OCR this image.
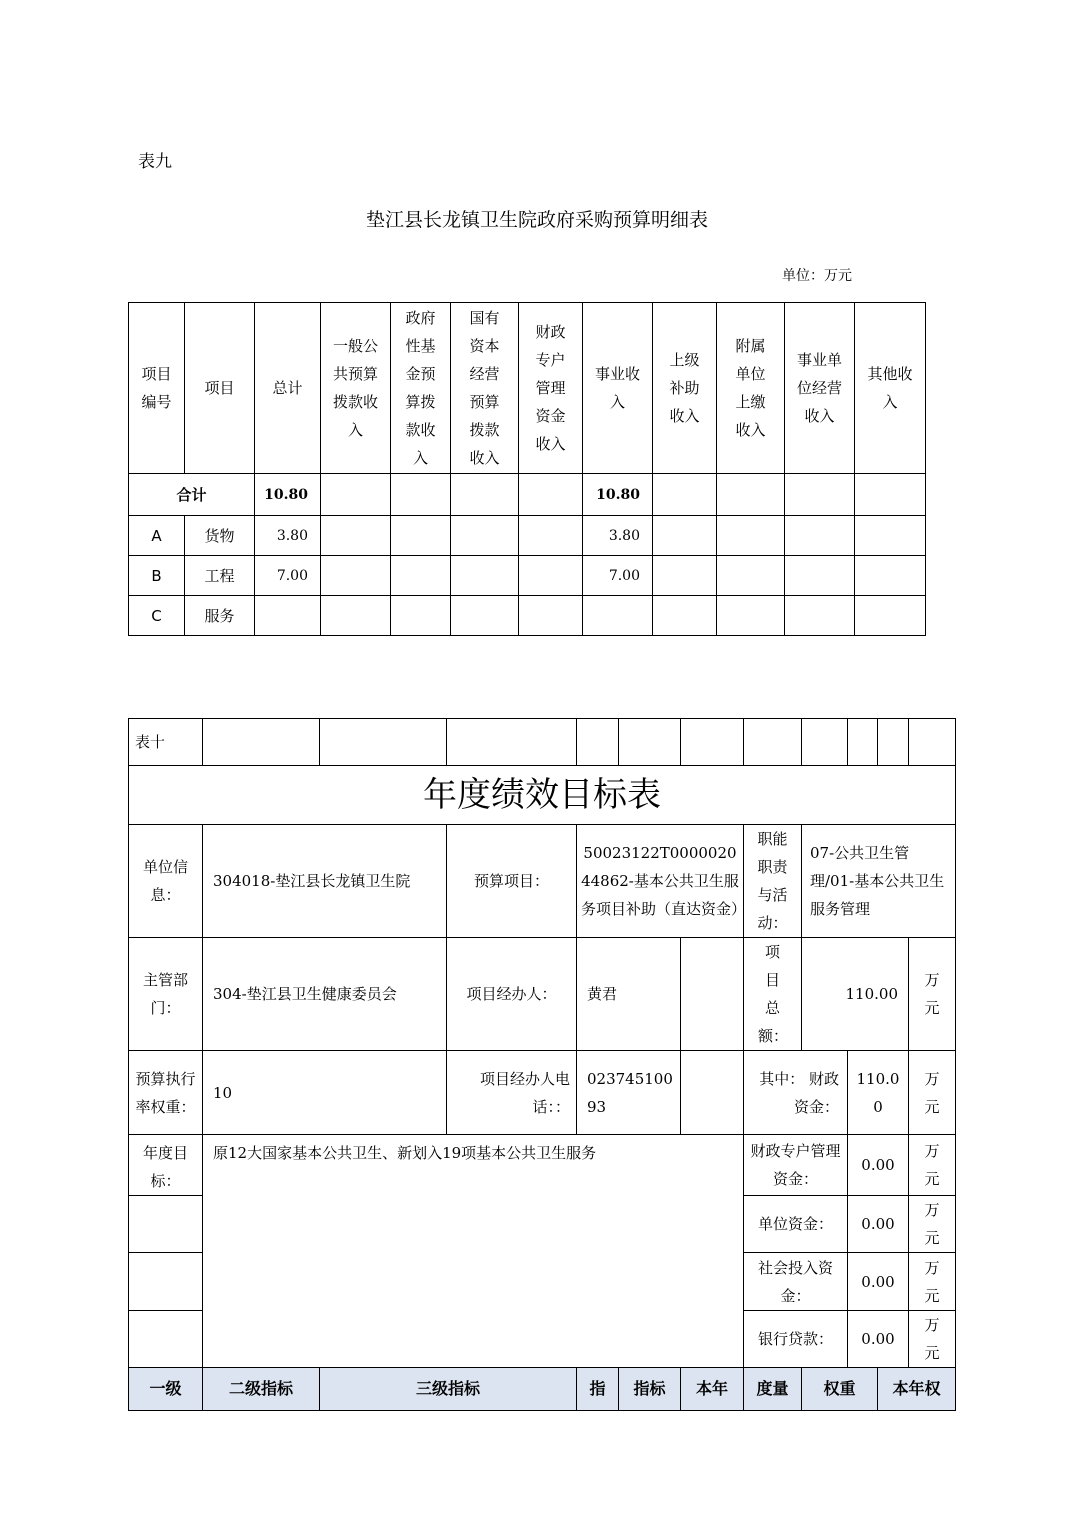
表九
垫江县长龙镇卫生院政府采购预算明细表
单位：万元
项目编号	项目	总计	一般公共预算拨款收入	政府性基金预算拨款收入	国有资本经营预算拨款收入	财政专户管理资金收入	事业收入	上级补助收入	附属单位上缴收入	事业单位经营收入	其他收入
合计		10.80					10.80				
A	货物	3.80					3.80				
B	工程	7.00					7.00				
C	服务										
表十											
年度绩效目标表											
单位信息：	304018-垫江县长龙镇卫生院		预算项目：	50023122T000002044862-基本公共卫生服务项目补助（直达资金）			职能职责与活动：	07-公共卫生管理/01-基本公共卫生服务管理			
主管部门：	304-垫江县卫生健康委员会		项目经办人：	黄君			项目总额：	110.00			万元
预算执行率权重：	10		项目经办人电话：：	02374510093			其中： 财政资金：		110.00		万元
年度目标：	原12大国家基本公共卫生、新划入19项基本公共卫生服务						财政专户管理资金：		0.00		万元
							单位资金：		0.00		万元
							社会投入资金：		0.00		万元
							银行贷款：		0.00		万元
一级	二级指标	三级指标		指	指标	本年	度量	权重		本年权	
